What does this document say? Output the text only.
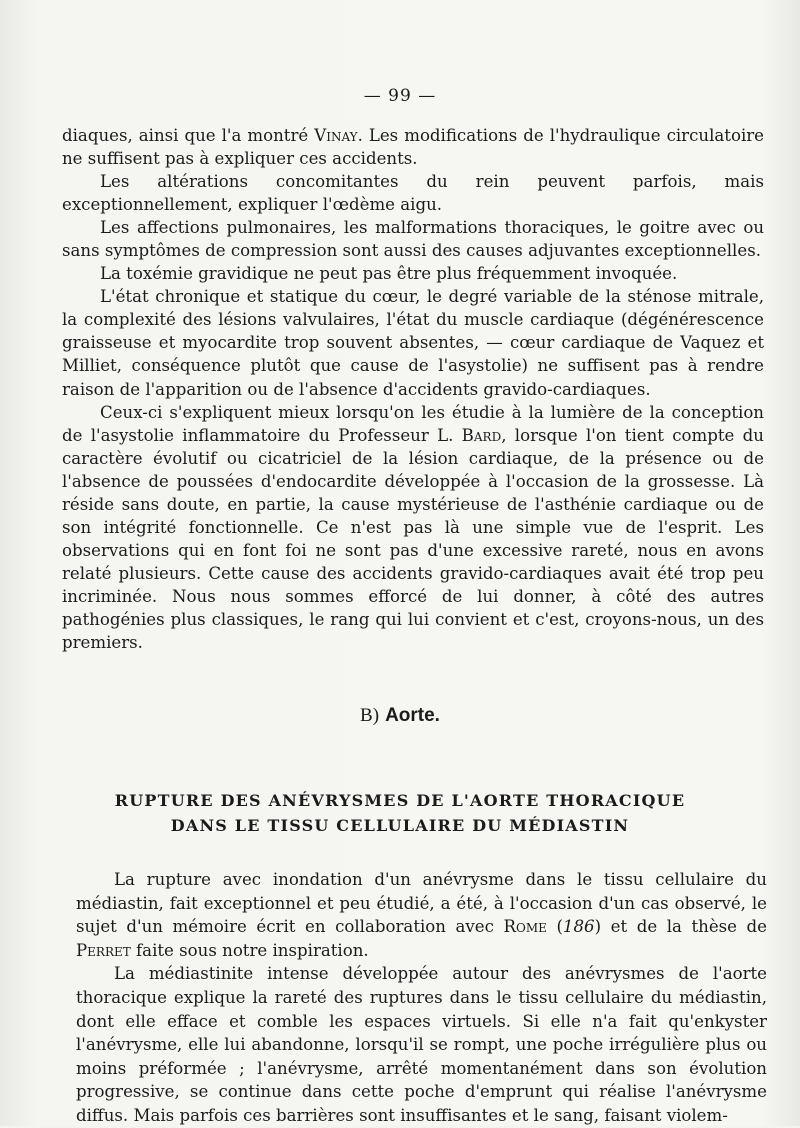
— 99 —

diaques, ainsi que l'a montré Vinay. Les modifications de l'hydraulique circulatoire ne suffisent pas à expliquer ces accidents.

Les altérations concomitantes du rein peuvent parfois, mais exceptionnellement, expliquer l'œdème aigu.

Les affections pulmonaires, les malformations thoraciques, le goitre avec ou sans symptômes de compression sont aussi des causes adjuvantes exceptionnelles.

La toxémie gravidique ne peut pas être plus fréquemment invoquée.

L'état chronique et statique du cœur, le degré variable de la sténose mitrale, la complexité des lésions valvulaires, l'état du muscle cardiaque (dégénérescence graisseuse et myocardite trop souvent absentes, — cœur cardiaque de Vaquez et Milliet, conséquence plutôt que cause de l'asystolie) ne suffisent pas à rendre raison de l'apparition ou de l'absence d'accidents gravido-cardiaques.

Ceux-ci s'expliquent mieux lorsqu'on les étudie à la lumière de la conception de l'asystolie inflammatoire du Professeur L. Bard, lorsque l'on tient compte du caractère évolutif ou cicatriciel de la lésion cardiaque, de la présence ou de l'absence de poussées d'endocardite développée à l'occasion de la grossesse. Là réside sans doute, en partie, la cause mystérieuse de l'asthénie cardiaque ou de son intégrité fonctionnelle. Ce n'est pas là une simple vue de l'esprit. Les observations qui en font foi ne sont pas d'une excessive rareté, nous en avons relaté plusieurs. Cette cause des accidents gravido-cardiaques avait été trop peu incriminée. Nous nous sommes efforcé de lui donner, à côté des autres pathogénies plus classiques, le rang qui lui convient et c'est, croyons-nous, un des premiers.

B) Aorte.
RUPTURE DES ANÉVRYSMES DE L'AORTE THORACIQUE
DANS LE TISSU CELLULAIRE DU MÉDIASTIN

La rupture avec inondation d'un anévrysme dans le tissu cellulaire du médiastin, fait exceptionnel et peu étudié, a été, à l'occasion d'un cas observé, le sujet d'un mémoire écrit en collaboration avec Rome (186) et de la thèse de Perret faite sous notre inspiration.

La médiastinite intense développée autour des anévrysmes de l'aorte thoracique explique la rareté des ruptures dans le tissu cellulaire du médiastin, dont elle efface et comble les espaces virtuels. Si elle n'a fait qu'enkyster l'anévrysme, elle lui abandonne, lorsqu'il se rompt, une poche irrégulière plus ou moins préformée ; l'anévrysme, arrêté momentanément dans son évolution progressive, se continue dans cette poche d'emprunt qui réalise l'anévrysme diffus. Mais parfois ces barrières sont insuffisantes et le sang, faisant violem-
